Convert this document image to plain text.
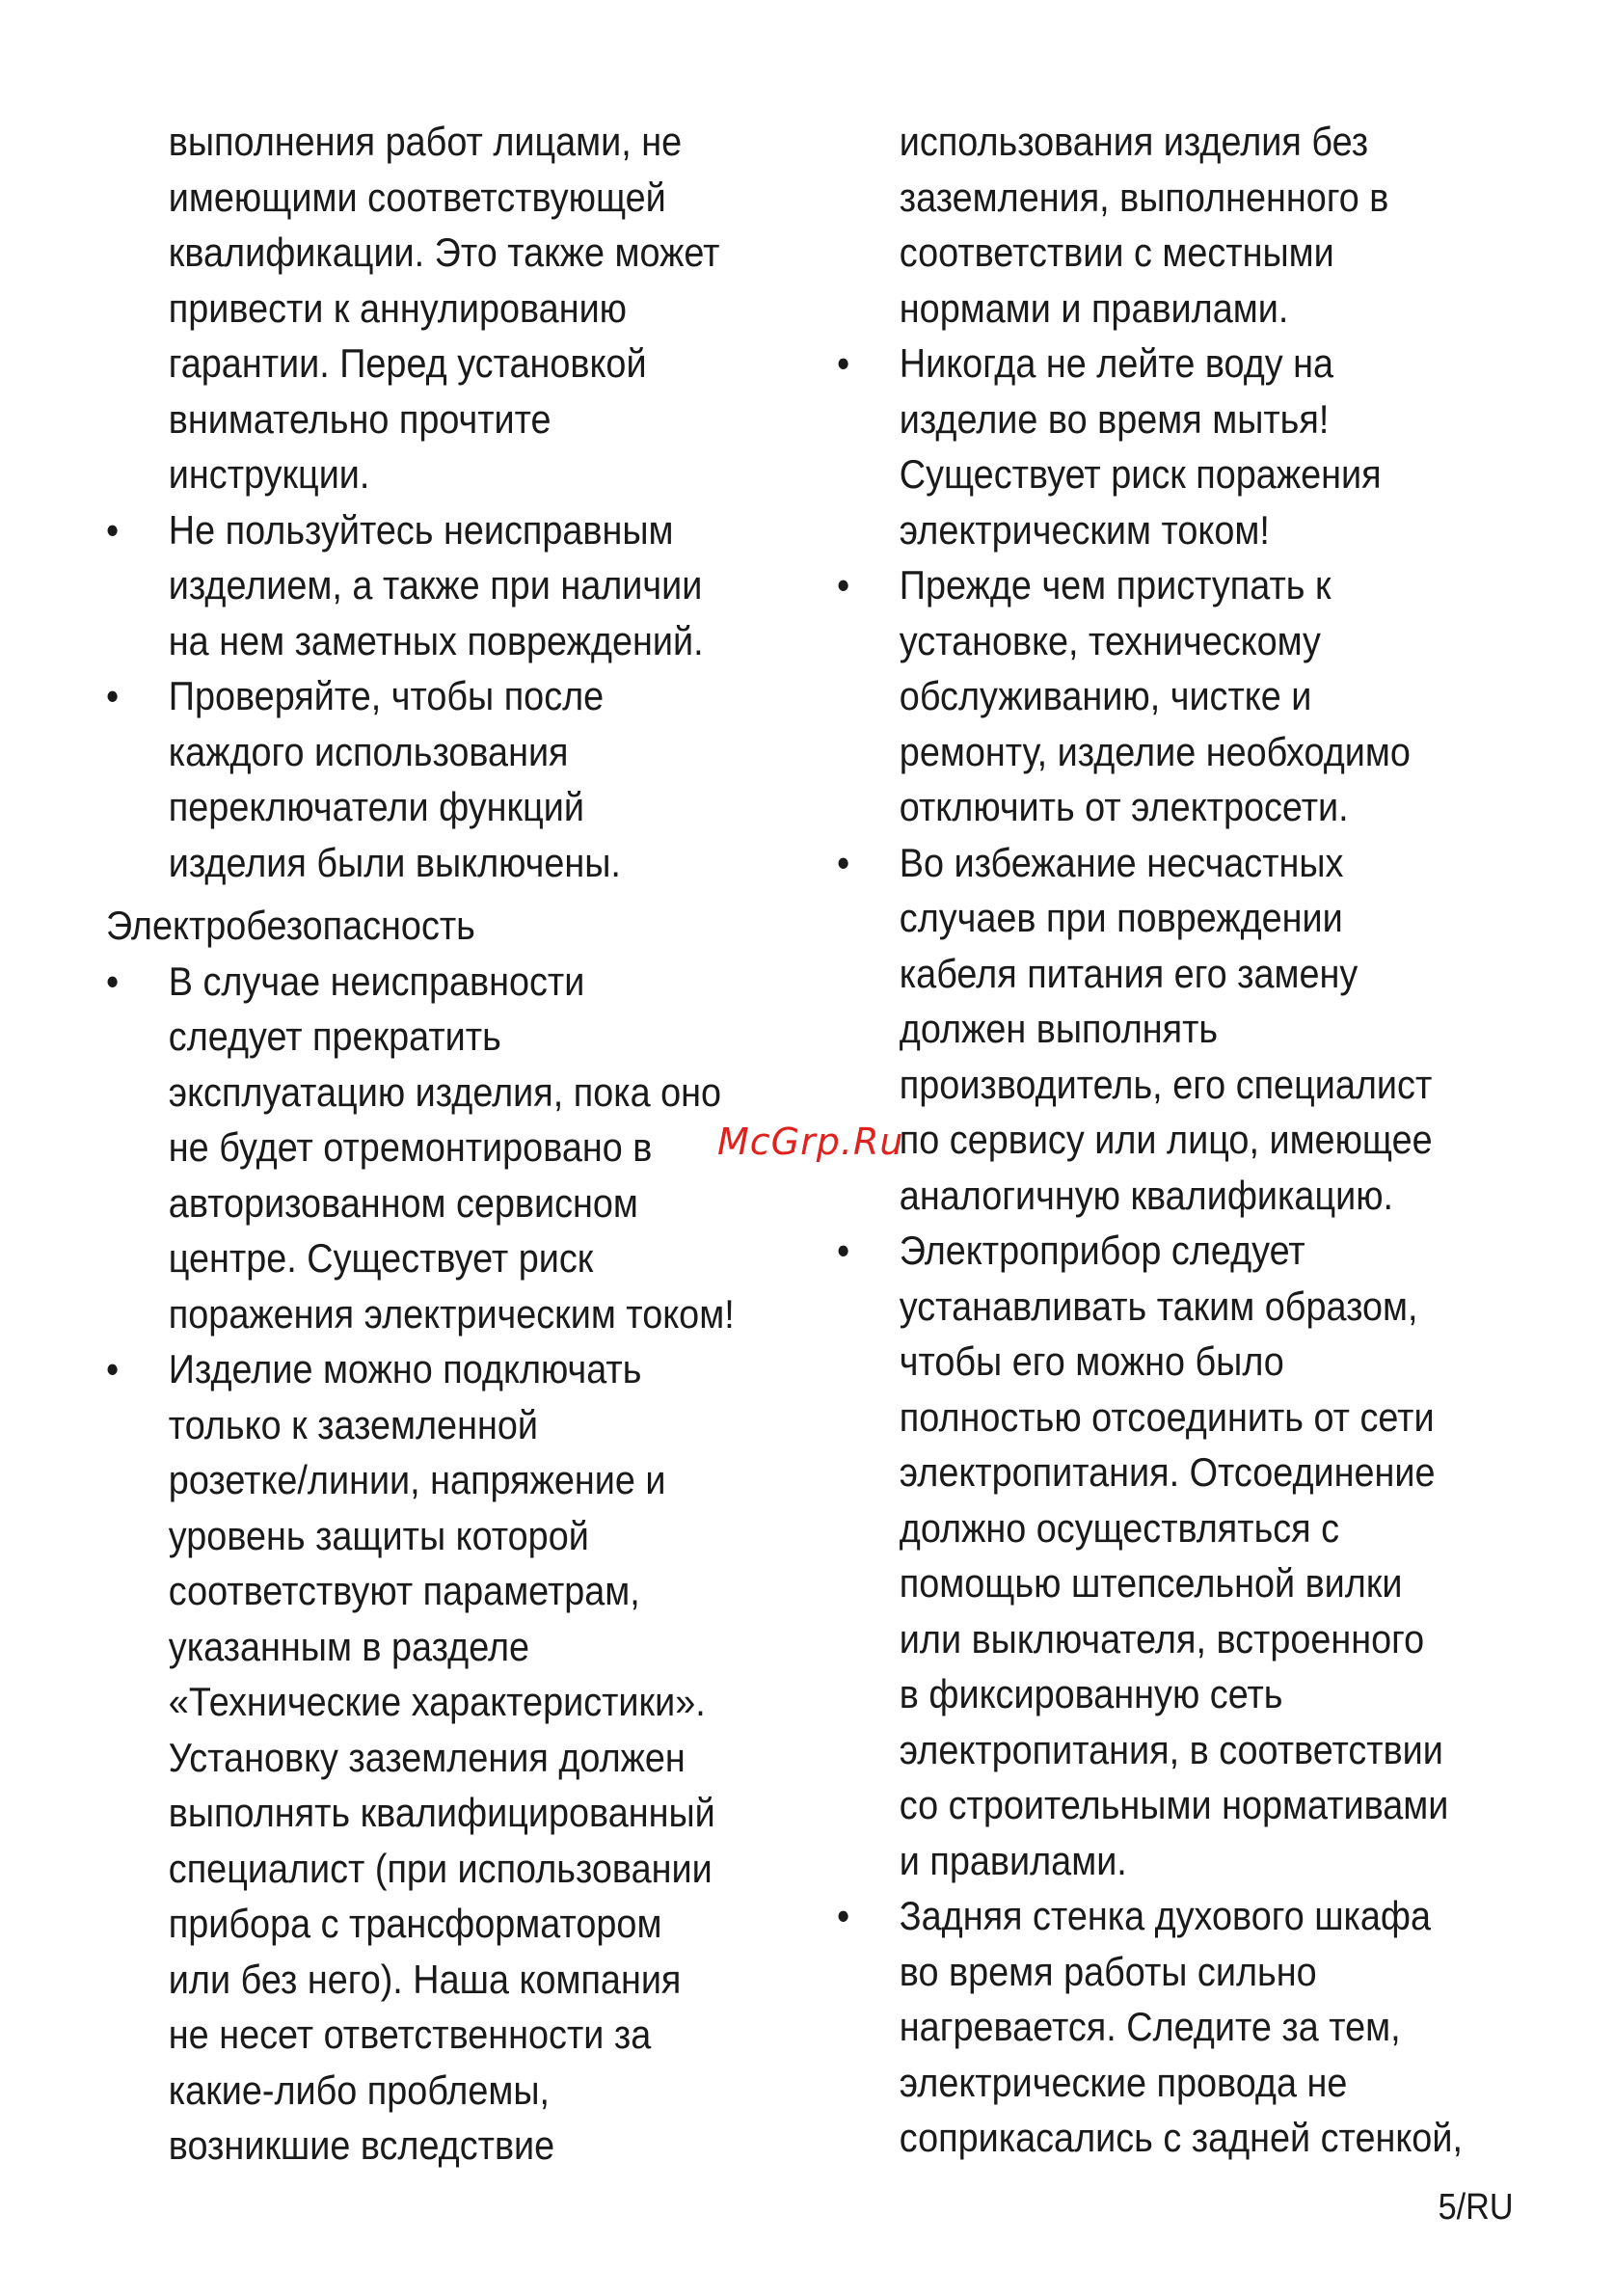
выполнения работ лицами, не
имеющими соответствующей
квалификации. Это также может
привести к аннулированию
гарантии. Перед установкой
внимательно прочтите
инструкции.
• Не пользуйтесь неисправным
изделием, а также при наличии
на нем заметных повреждений.
• Проверяйте, чтобы после
каждого использования
переключатели функций
изделия были выключены.
Электробезопасность
• В случае неисправности
следует прекратить
эксплуатацию изделия, пока оно
не будет отремонтировано в
авторизованном сервисном
центре. Существует риск
поражения электрическим током!
• Изделие можно подключать
только к заземленной
розетке/линии, напряжение и
уровень защиты которой
соответствуют параметрам,
указанным в разделе
«Технические характеристики».
Установку заземления должен
выполнять квалифицированный
специалист (при использовании
прибора с трансформатором
или без него). Наша компания
не несет ответственности за
какие-либо проблемы,
возникшие вследствие
использования изделия без
заземления, выполненного в
соответствии с местными
нормами и правилами.
• Никогда не лейте воду на
изделие во время мытья!
Существует риск поражения
электрическим током!
• Прежде чем приступать к
установке, техническому
обслуживанию, чистке и
ремонту, изделие необходимо
отключить от электросети.
• Во избежание несчастных
случаев при повреждении
кабеля питания его замену
должен выполнять
производитель, его специалист
по сервису или лицо, имеющее
аналогичную квалификацию.
• Электроприбор следует
устанавливать таким образом,
чтобы его можно было
полностью отсоединить от сети
электропитания. Отсоединение
должно осуществляться с
помощью штепсельной вилки
или выключателя, встроенного
в фиксированную сеть
электропитания, в соответствии
со строительными нормативами
и правилами.
• Задняя стенка духового шкафа
во время работы сильно
нагревается. Следите за тем,
электрические провода не
соприкасались с задней стенкой,
McGrp.Ru
5/RU
